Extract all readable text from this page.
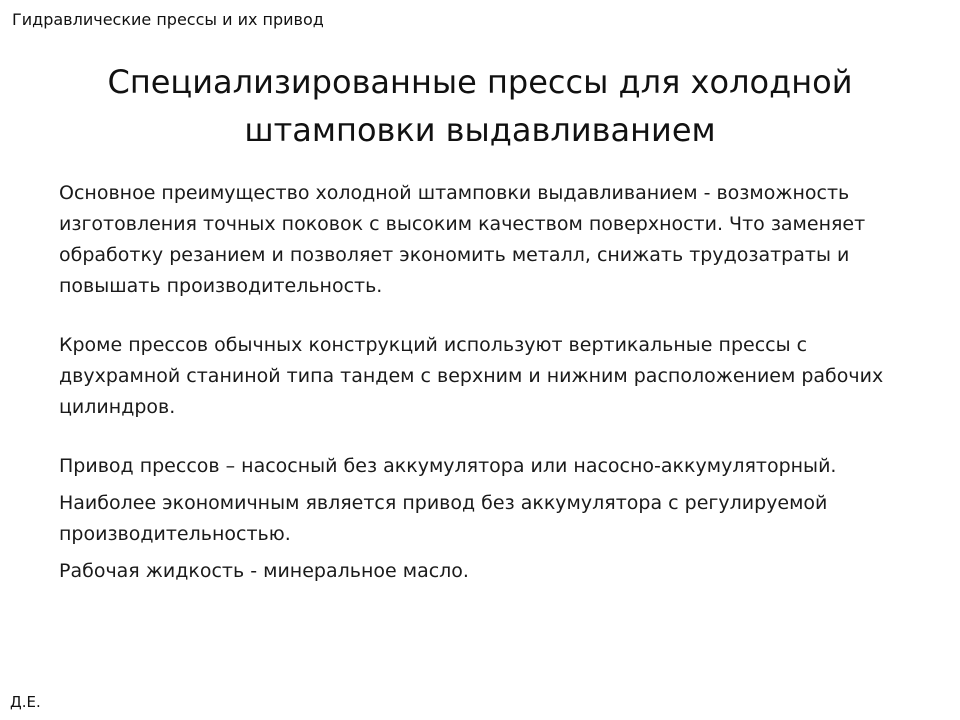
Гидравлические прессы и их привод
Специализированные прессы для холодной штамповки выдавливанием

Основное преимущество холодной штамповки выдавливанием - возможность изготовления точных поковок с высоким качеством поверхности. Что заменяет обработку резанием и позволяет экономить металл, снижать трудозатраты и повышать производительность.

Кроме прессов обычных конструкций используют вертикальные прессы с двухрамной станиной типа тандем с верхним и нижним расположением рабочих цилиндров.

Привод прессов – насосный без аккумулятора или насосно-аккумуляторный.

Наиболее экономичным является привод без аккумулятора с регулируемой производительностью.

Рабочая жидкость - минеральное масло.

Д.Е.
